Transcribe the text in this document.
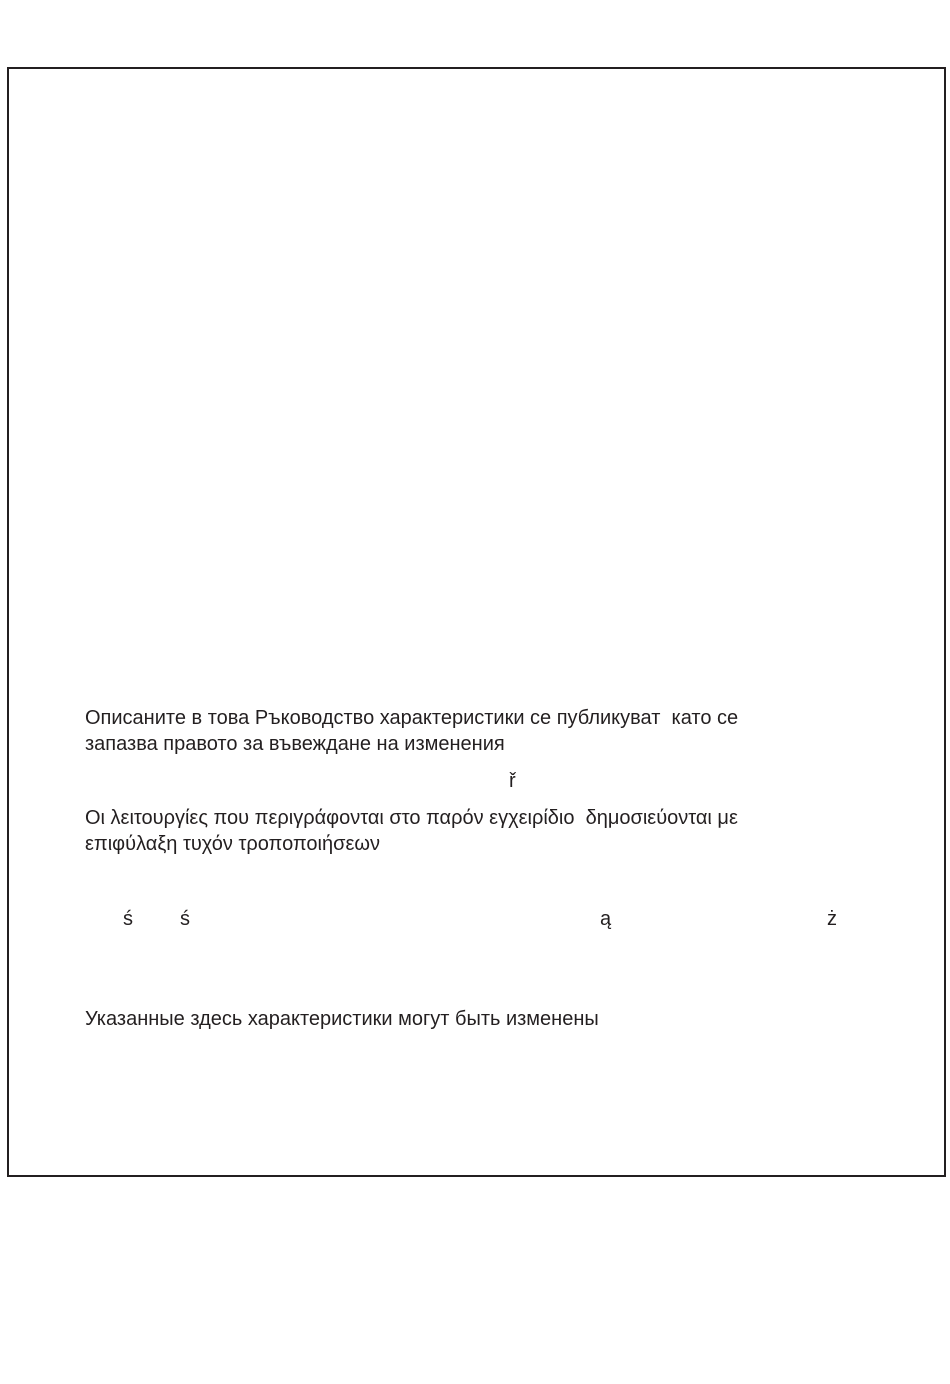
Описаните в това Ръководство характеристики се публикуват  като се
запазва правото за въвеждане на изменения
ř
Οι λειτουργίες που περιγράφονται στο παρόν εγχειρίδιο  δημοσιεύονται με
επιφύλαξη τυχόν τροποποιήσεων
ś ś	ą	ż
Указанные здесь характеристики могут быть изменены
